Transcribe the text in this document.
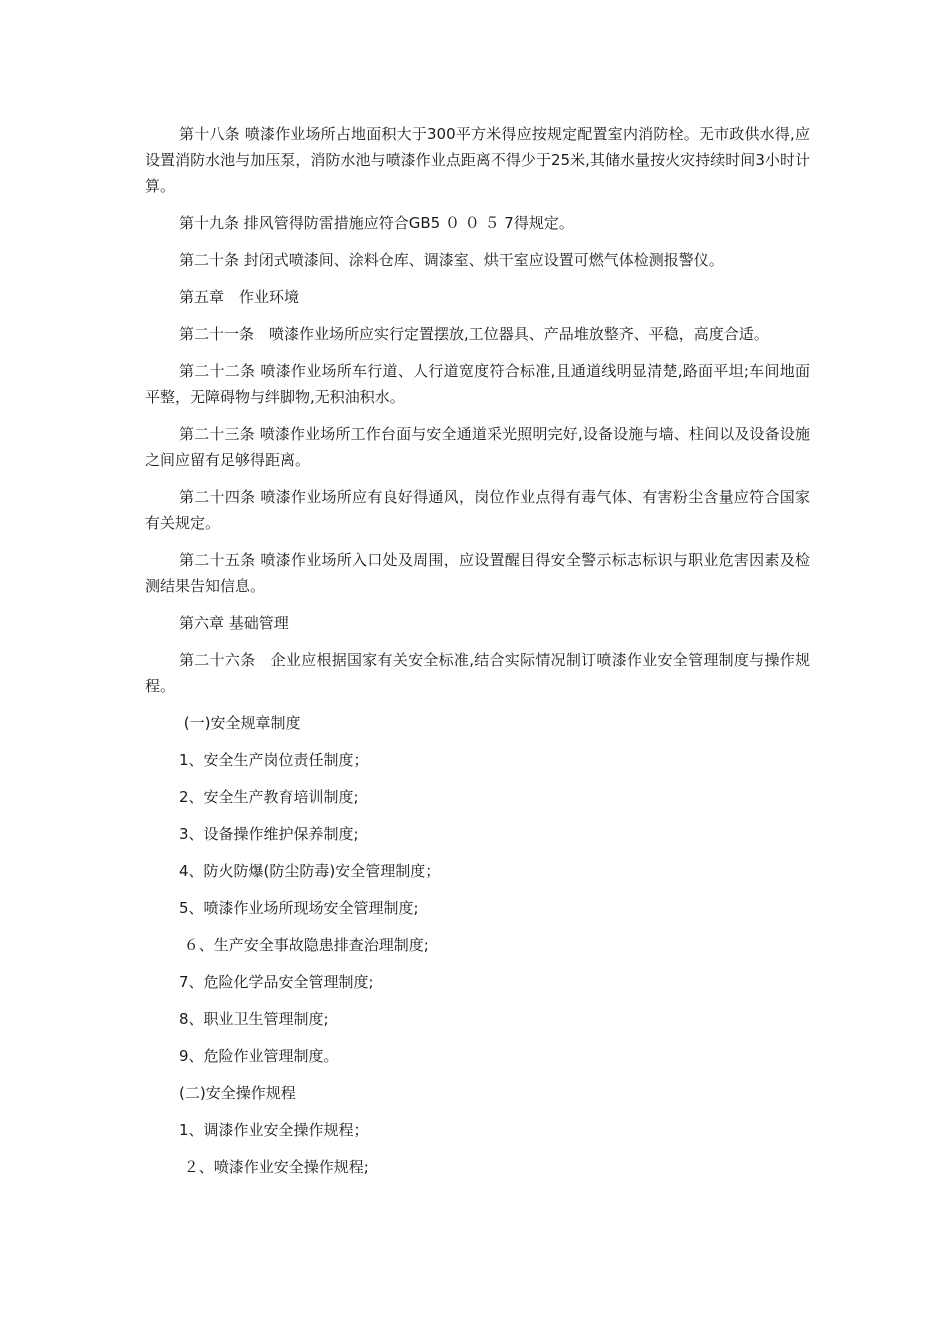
第十八条 喷漆作业场所占地面积大于300平方米得应按规定配置室内消防栓。无市政供水得,应设置消防水池与加压泵，消防水池与喷漆作业点距离不得少于25米,其储水量按火灾持续时间3小时计算。

第十九条 排风管得防雷措施应符合GB5 ０ ０ ５ 7得规定。

第二十条 封闭式喷漆间、涂料仓库、调漆室、烘干室应设置可燃气体检测报警仪。

第五章　作业环境

第二十一条　喷漆作业场所应实行定置摆放,工位器具、产品堆放整齐、平稳，高度合适。

第二十二条 喷漆作业场所车行道、人行道宽度符合标准,且通道线明显清楚,路面平坦;车间地面平整，无障碍物与绊脚物,无积油积水。

第二十三条 喷漆作业场所工作台面与安全通道采光照明完好,设备设施与墙、柱间以及设备设施之间应留有足够得距离。

第二十四条 喷漆作业场所应有良好得通风，岗位作业点得有毒气体、有害粉尘含量应符合国家有关规定。

第二十五条 喷漆作业场所入口处及周围，应设置醒目得安全警示标志标识与职业危害因素及检测结果告知信息。

第六章 基础管理

第二十六条　企业应根据国家有关安全标准,结合实际情况制订喷漆作业安全管理制度与操作规程。

(一)安全规章制度

1、安全生产岗位责任制度；

2、安全生产教育培训制度;

3、设备操作维护保养制度;

4、防火防爆(防尘防毒)安全管理制度；

5、喷漆作业场所现场安全管理制度;

６、生产安全事故隐患排查治理制度;

7、危险化学品安全管理制度;

8、职业卫生管理制度;

9、危险作业管理制度。

(二)安全操作规程

1、调漆作业安全操作规程；

２、喷漆作业安全操作规程;
